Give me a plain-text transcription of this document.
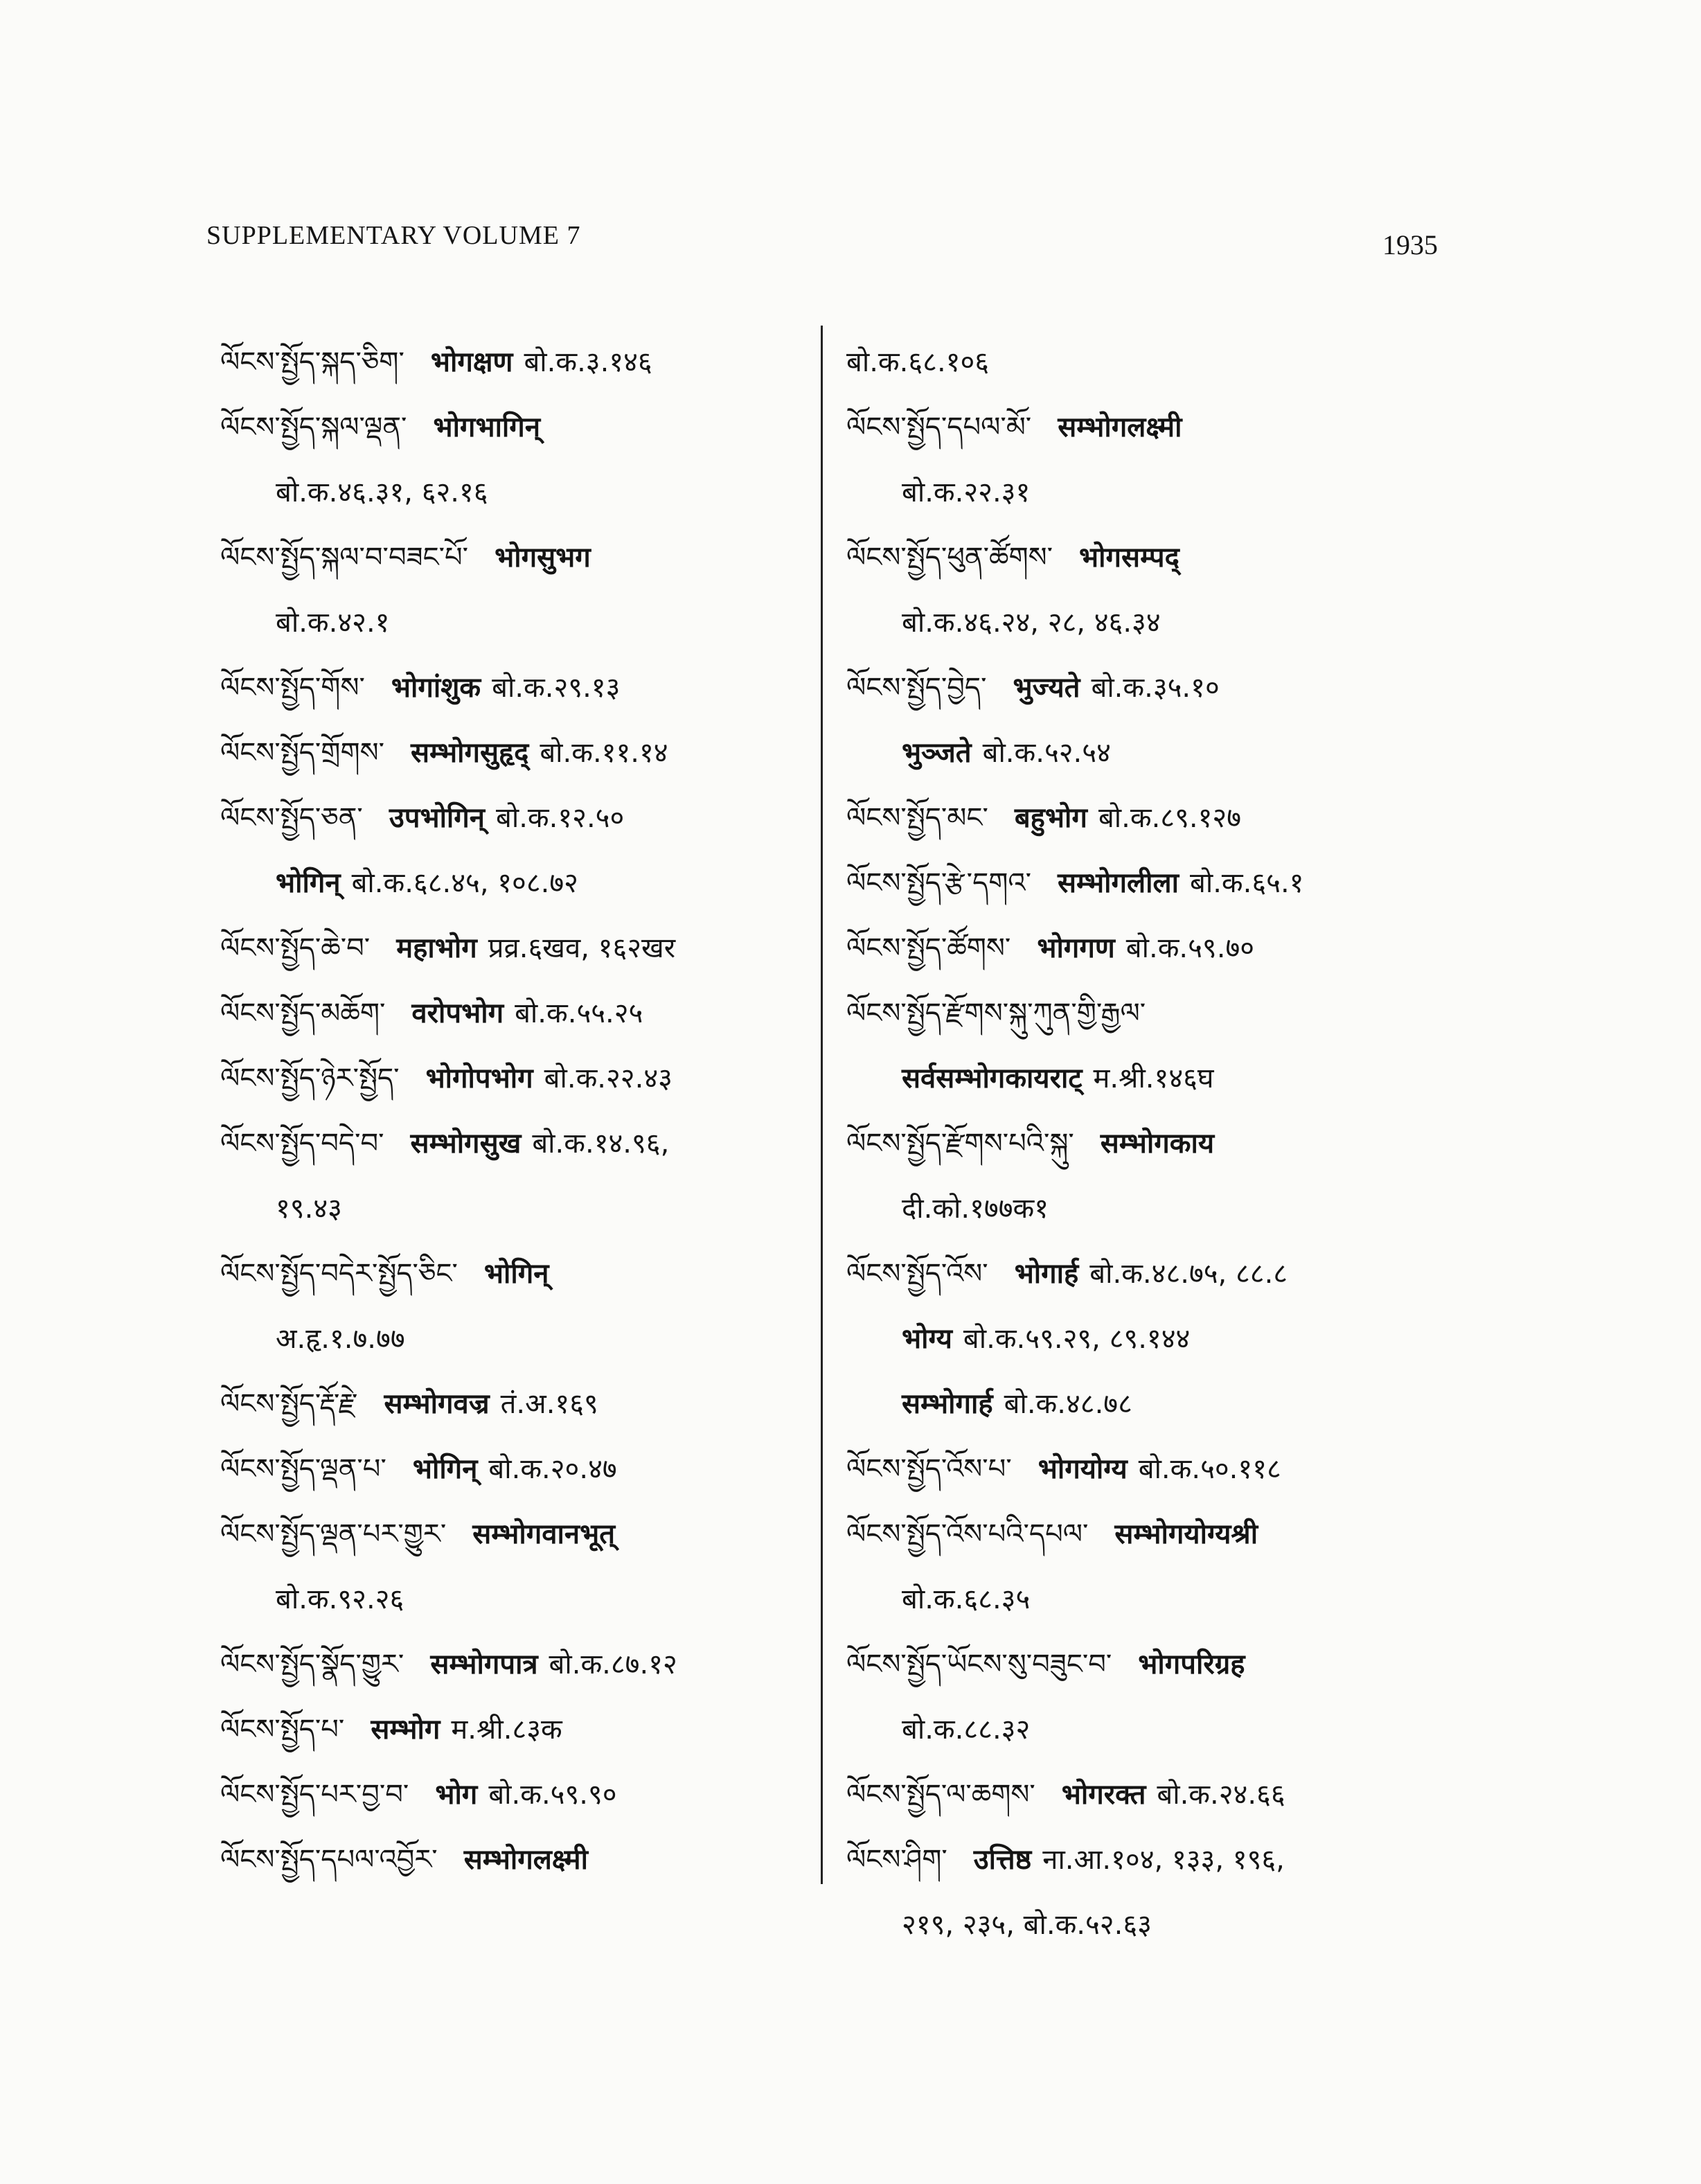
SUPPLEMENTARY VOLUME 7	1935
ལོངས་སྤྱོད་སྐད་ཅིག་ भोगक्षण बो.क.३.१४६
ལོངས་སྤྱོད་སྐལ་ལྡན་ भोगभागिन्
बो.क.४६.३१, ६२.१६
ལོངས་སྤྱོད་སྐལ་བ་བཟང་པོ་ भोगसुभग
बो.क.४२.१
ལོངས་སྤྱོད་གོས་ भोगांशुक बो.क.२९.१३
ལོངས་སྤྱོད་གྲོགས་ सम्भोगसुहृद् बो.क.११.१४
ལོངས་སྤྱོད་ཅན་ उपभोगिन् बो.क.१२.५०
भोगिन् बो.क.६८.४५, १०८.७२
ལོངས་སྤྱོད་ཆེ་བ་ महाभोग प्रव्र.६खव, १६२खर
ལོངས་སྤྱོད་མཆོག་ वरोपभोग बो.क.५५.२५
ལོངས་སྤྱོད་ཉེར་སྤྱོད་ भोगोपभोग बो.क.२२.४३
ལོངས་སྤྱོད་བདེ་བ་ सम्भोगसुख बो.क.१४.९६,
१९.४३
ལོངས་སྤྱོད་བདེར་སྤྱོད་ཅིང་ भोगिन्
अ.हृ.१.७.७७
ལོངས་སྤྱོད་རྡོ་རྗེ་ सम्भोगवज्र तं.अ.१६९
ལོངས་སྤྱོད་ལྡན་པ་ भोगिन् बो.क.२०.४७
ལོངས་སྤྱོད་ལྡན་པར་གྱུར་ सम्भोगवानभूत्
बो.क.९२.२६
ལོངས་སྤྱོད་སྣོད་གྱུར་ सम्भोगपात्र बो.क.८७.१२
ལོངས་སྤྱོད་པ་ सम्भोग म.श्री.८३क
ལོངས་སྤྱོད་པར་བྱ་བ་ भोग बो.क.५९.९०
ལོངས་སྤྱོད་དཔལ་འབྱོར་ सम्भोगलक्ष्मी
बो.क.६८.१०६
ལོངས་སྤྱོད་དཔལ་མོ་ सम्भोगलक्ष्मी
बो.क.२२.३१
ལོངས་སྤྱོད་ཕུན་ཚོགས་ भोगसम्पद्
बो.क.४६.२४, २८, ४६.३४
ལོངས་སྤྱོད་བྱེད་ भुज्यते बो.क.३५.१०
भुञ्जते बो.क.५२.५४
ལོངས་སྤྱོད་མང་ बहुभोग बो.क.८९.१२७
ལོངས་སྤྱོད་རྩེ་དགའ་ सम्भोगलीला बो.क.६५.१
ལོངས་སྤྱོད་ཚོགས་ भोगगण बो.क.५९.७०
ལོངས་སྤྱོད་རྫོགས་སྐུ་ཀུན་གྱི་རྒྱལ་
सर्वसम्भोगकायराट् म.श्री.१४६घ
ལོངས་སྤྱོད་རྫོགས་པའི་སྐུ་ सम्भोगकाय
दी.को.१७७क१
ལོངས་སྤྱོད་འོས་ भोगार्ह बो.क.४८.७५, ८८.८
भोग्य बो.क.५९.२९, ८९.१४४
सम्भोगार्ह बो.क.४८.७८
ལོངས་སྤྱོད་འོས་པ་ भोगयोग्य बो.क.५०.११८
ལོངས་སྤྱོད་འོས་པའི་དཔལ་ सम्भोगयोग्यश्री
बो.क.६८.३५
ལོངས་སྤྱོད་ཡོངས་སུ་བཟུང་བ་ भोगपरिग्रह
बो.क.८८.३२
ལོངས་སྤྱོད་ལ་ཆགས་ भोगरक्त बो.क.२४.६६
ལོངས་ཤིག་ उत्तिष्ठ ना.आ.१०४, १३३, १९६,
२१९, २३५, बो.क.५२.६३
